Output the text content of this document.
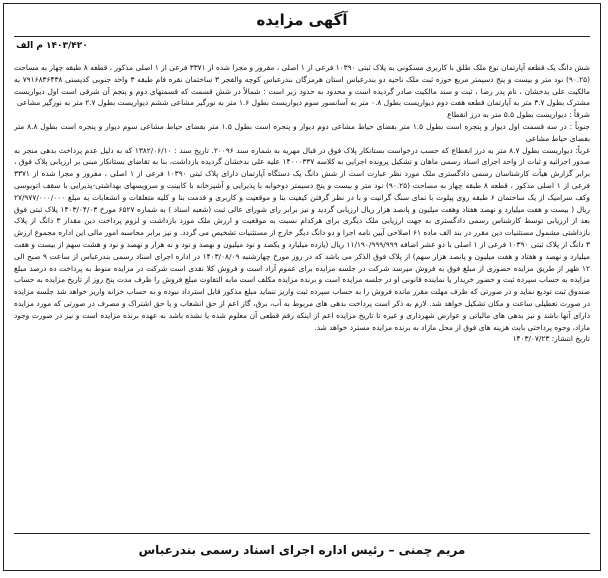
آگهی مزایده
۱۴۰۳/۴۲۰ م الف

شش دانگ یک قطعه آپارتمان نوع ملک طلق با کاربری مسکونی به پلاک ثبتی ۱۰۳۹۰ فرعی از ۱ اصلی ، مفروز و مجزا شده از ۳۳۷۱ فرعی از ۱ اصلی مذکور ، قطعه ۸ طبقه چهار به مساحت (۹۰.۲۵) نود متر و بیست و پنج دسیمتر مربع حوزه ثبت ملک ناحیه دو بندرعباس استان هرمزگان بندرعباس کوچه والفجر ۳ ساختمان نقره فام طبقه ۳ واحد جنوبی کدپستی ۷۹۱۶۸۳۶۴۳۸ به مالکیت علی بدخشان ، نام پدر رضا ، ثبت و سند مالکیت صادر گردیده است و محدود به حدود زیر است : شمالاً در شش قسمت که قسمتهای دوم و پنجم آن شرقی است اول دیواریست مشترک بطول ۳.۷ متر به آپارتمان قطعه هفت دوم دیواریست بطول ۰.۸ متر به آسانسور سوم دیواریست بطول ۱.۶ متر به نورگیر مشاعی ششم دیواریست بطول ۲.۷ متر به نورگیر مشاعی

شرقاً : دیواریست بطول ۵.۵ متر به درز انقطاع

جنوباً : در سه قسمت اول دیوار و پنجره است بطول ۱.۵ متر بفضای حیاط مشاعی دوم دیوار و پنجره است بطول ۱.۵ متر بفضای حیاط مشاعی سوم دیوار و پنجره است بطول ۸.۸ متر بفضای حیاط مشاعی

غرباً: دیواریست بطول ۸.۷ متر به درز انقطاع که حسب درخواست بستانکار پلاک فوق در قبال مهریه به شماره سند ۲۰۰۹۶. تاریخ سند : ۱۳۸۲/۰۶/۱۰ که به دلیل عدم پرداخت بدهی منجر به صدور اجرائیه و ثبات از واحد اجرای اسناد رسمی ماهان و تشکیل پرونده اجرایی به کلاسه ۱۴۰۰۰۳۳۷ علیه علی بدخشان گردیده بازداشت، بنا به تقاضای بستانکار مبنی بر ارزیابی پلاک فوق ، برابر گزارش هیأت کارشناسان رسمی دادگستری ملک مورد نظر عبارت است از شش دانگ یک دستگاه آپارتمان دارای پلاک ثبتی ۱۰۳۹۰ فرعی از ۱ اصلی ، مفروز و مجزا شده از ۳۳۷۱ فرعی از ۱ اصلی مذکور ، قطعه ۸ طبقه چهار به مساحت (۹۰.۲۵) نود متر و بیست و پنج دسیمتر دوخوابه با پذیرایی و آشپزخانه با کابینت و سرویسهای بهداشتی-پذیرایی با سقف اتوبوسی وکف سرامیک از یک ساختمان ۶ طبقه روی پیلوت با نمای سنگ گرانیت و با در نظر گرفتن کیفیت بنا و موقعیت و کاربری و قدمت بنا و کلیه متعلقات و انشعابات به مبلغ ۲۷/۹۷۷/۰۰۰/۰۰۰ ریال ( بیست و هفت میلیارد و نهصد هفتاد وهفت میلیون و پانصد هزار ریال ارزیابی گردید و نیز برابر رای شورای عالی ثبت (شعبه اسناد ) به شماره ۶۵۲۷ مورخ ۱۴۰۳/۰۴/۰۳ پلاک ثبتی فوق بعد از ارزیابی توسط کارشناس رسمی دادگستری به جهت ارزیابی ملک دیگری برای هرکدام نسبت به موقعیت و ارزش ملک مورد بازداشت و لزوم پرداخت دین مقدار ۳ دانگ از پلاک بازداشتی مشمول مستثنیات دین مقرر در بند الف ماده ۶۱ اصلاحی آیین نامه اجرا و دو دانگ دیگر خارج از مستثنیات تشخیص می گردد. و نیز برابر محاسبه امور مالی این اداره مجموع ارزش ۳ دانگ از پلاک ثبتی ۱۰۳۹۰ فرعی از ۱ اصلی با دو عشر اضافه ۱۱/۱۹۰/۹۹۹/۹۹۹ ریال (یازده میلیارد و یکصد و نود میلیون و نهصد و نود و نه هزار و نهصد و نود و هشت سهم از بیست و هفت میلیارد و نهصد و هفتاد و هفت میلیون و پانصد هزار سهم) از پلاک فوق الذکر می باشد که در روز مورخ چهارشنبه ۱۴۰۳/۰۸/۰۹ در اداره اجرای اسناد رسمی بندرعباس از ساعت ۹ صبح الی ۱۲ ظهر از طریق مزایده حضوری از مبلغ فوق به فروش میرسد شرکت در جلسه مزایده برای عموم آزاد است و فروش کلا نقدی است شرکت در مزایده منوط به پرداخت ده درصد مبلغ مزایده به حساب سپرده ثبت و حضور خریدار یا نماینده قانونی او در جلسه مزایده است و برنده مزایده مکلف است مابه التفاوت مبلغ فروش را ظرف مدت پنج روز از تاریخ مزایده به حساب صندوق ثبت تودیع نماید و در صورتی که ظرف مهلت مقرر مانده فروش را به حساب سپرده ثبت واریز ننماید مبلغ مذکور قابل استرداد نبوده و به حساب خزانه واریز خواهد شد جلسه مزایده در صورت تعطیلی ساعت و مکان تشکیل خواهد شد. لازم به ذکر است پرداخت بدهی های مربوط به آب، برق، گاز اعم از حق انشعاب و یا حق اشتراک و مصرف در صورتی که مورد مزایده دارای آنها باشد و نیز بدهی های مالیاتی و عوارض شهرداری و غیره تا تاریخ مزایده اعم از اینکه رقم قطعی آن معلوم شده یا نشده باشد به عهده برنده مزایده است و نیز در صورت وجود مازاد، وجوه پرداختی بابت هزینه های فوق از محل مازاد به برنده مزایده مسترد خواهد شد.

تاریخ انتشار: ۱۴۰۳/۰۷/۲۳

مریم چمنی – رئیس اداره اجرای اسناد رسمی بندرعباس
